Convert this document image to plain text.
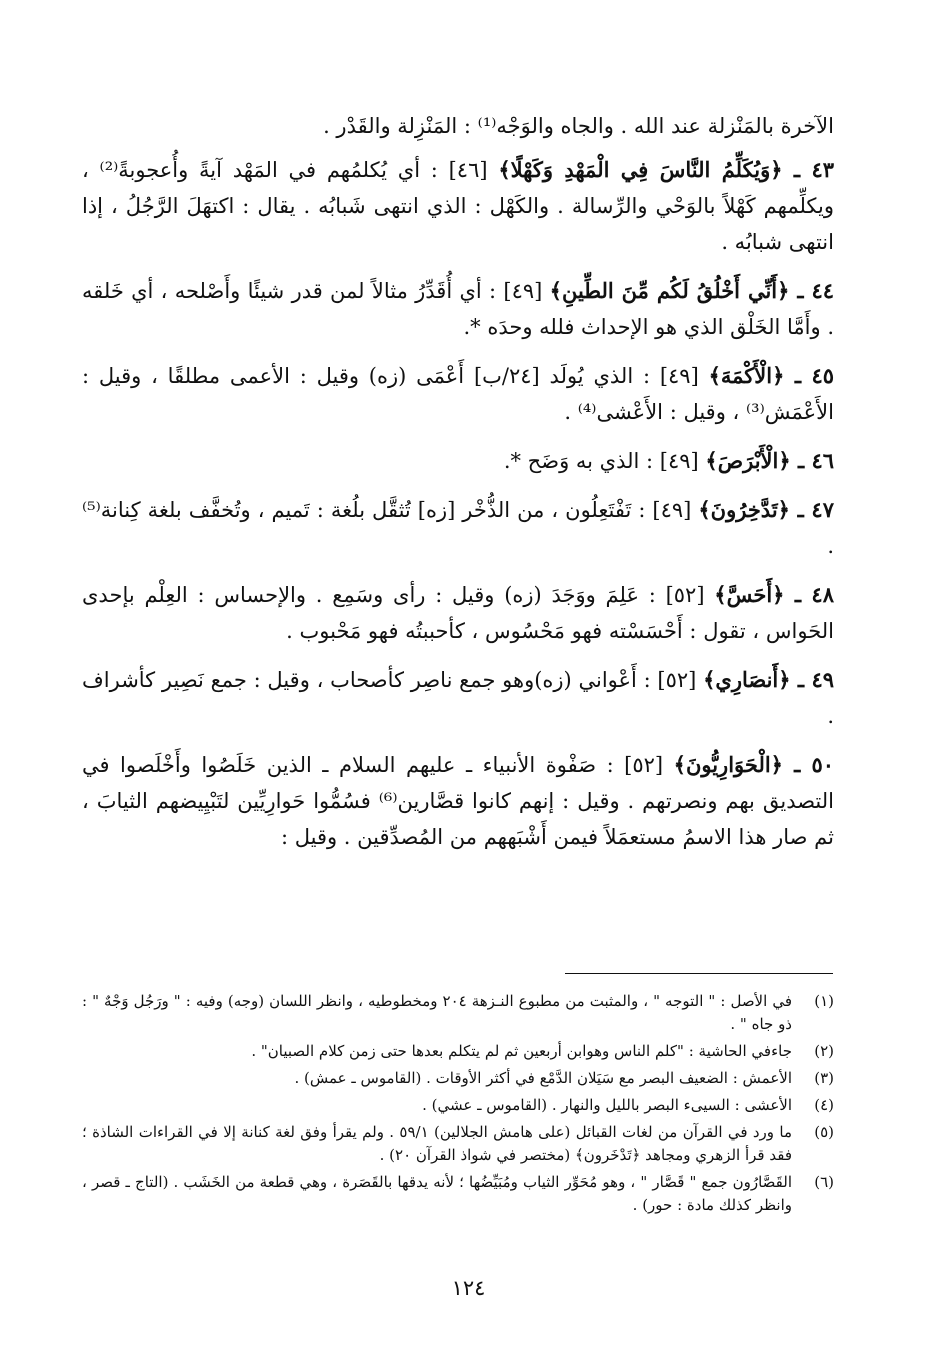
الآخرة بالمَنْزلة عند الله . والجاه والوَجْه⁽¹⁾ : المَنْزِلة والقَدْر .

٤٣ ـ ﴿وَيُكَلِّمُ النَّاسَ فِي الْمَهْدِ وَكَهْلًا﴾ [٤٦] : أي يُكلمُهم في المَهْد آيةً وأُعجوبةً⁽²⁾ ، ويكلِّمهم كَهْلاً بالوَحْي والرِّسالة . والكَهْل : الذي انتهى شَبابُه . يقال : اكتهَلَ الرَّجُلُ ، إذا انتهى شبابُه .

٤٤ ـ ﴿أَنِّي أَخْلُقُ لَكُم مِّنَ الطِّينِ﴾ [٤٩] : أي أُقَدِّرُ مثالاً لمن قدر شيئًا وأَصْلحه ، أي خَلقه . وأَمَّا الخَلْق الذي هو الإحداث فلله وحدَه *.

٤٥ ـ ﴿الْأَكْمَهَ﴾ [٤٩] : الذي يُولَد [٢٤/ب] أَعْمَى (زه) وقيل : الأعمى مطلقًا ، وقيل : الأَعْمَش⁽³⁾ ، وقيل : الأَعْشى⁽⁴⁾ .

٤٦ ـ ﴿الْأَبْرَصَ﴾ [٤٩] : الذي به وَضَح *.

٤٧ ـ ﴿تَدَّخِرُونَ﴾ [٤٩] : تَفْتَعِلُون ، من الذُّخْر [زه] تُثقَّل بلُغة : تَميم ، وتُخفَّف بلغة كِنانة⁽⁵⁾ .

٤٨ ـ ﴿أَحَسَّ﴾ [٥٢] : عَلِمَ ووَجَدَ (زه) وقيل : رأى وسَمِع . والإحساس : العِلْم بإحدى الحَواس ، تقول : أَحْسَسْته فهو مَحْسُوس ، كأحببتُه فهو مَحْبوب .

٤٩ ـ ﴿أَنصَارِي﴾ [٥٢] : أَعْواني (زه)وهو جمع ناصِر كأصحاب ، وقيل : جمع نَصِير كأشراف .

٥٠ ـ ﴿الْحَوَارِيُّونَ﴾ [٥٢] : صَفْوة الأنبياء ـ عليهم السلام ـ الذين خَلَصُوا وأَخْلَصوا في التصديق بهم ونصرتهم . وقيل : إنهم كانوا قصَّارين⁽⁶⁾ فسُمُّوا حَوارِيِّين لتَبْيِيضهم الثيابَ ، ثم صار هذا الاسمُ مستعمَلاً فيمن أَشْبَههم من المُصدِّقين . وقيل :

(١)
في الأصل : " التوجه " ، والمثبت من مطبوع النـزهة ٢٠٤ ومخطوطيه ، وانظر اللسان (وجه) وفيه : " ورَجُل وَجْهٌ " : ذو جاه " .
(٢)
جاءفي الحاشية : "كلم الناس وهوابن أربعين ثم لم يتكلم بعدها حتى زمن كلام الصبيان" .
(٣)
الأعمش : الضعيف البصر مع سَيَلان الدَّمْع في أكثر الأوقات . (القاموس ـ عمش) .
(٤)
الأعشى : السيىء البصر بالليل والنهار . (القاموس ـ عشي) .
(٥)
ما ورد في القرآن من لغات القبائل (على هامش الجلالين) ٥٩/١ . ولم يقرأ وفق لغة كنانة إلا في القراءات الشاذة ؛ فقد قرأ الزهري ومجاهد ﴿تَدْخَرون﴾ (مختصر في شواذ القرآن ٢٠) .
(٦)
القَصَّارُون جمع " قَصَّار " ، وهو مُحَوِّر الثياب ومُبَيِّضُها ؛ لأنه يدقها بالقَصَرة ، وهي قطعة من الخَشَب . (التاج ـ قصر ، وانظر كذلك مادة : حور) .
١٢٤
